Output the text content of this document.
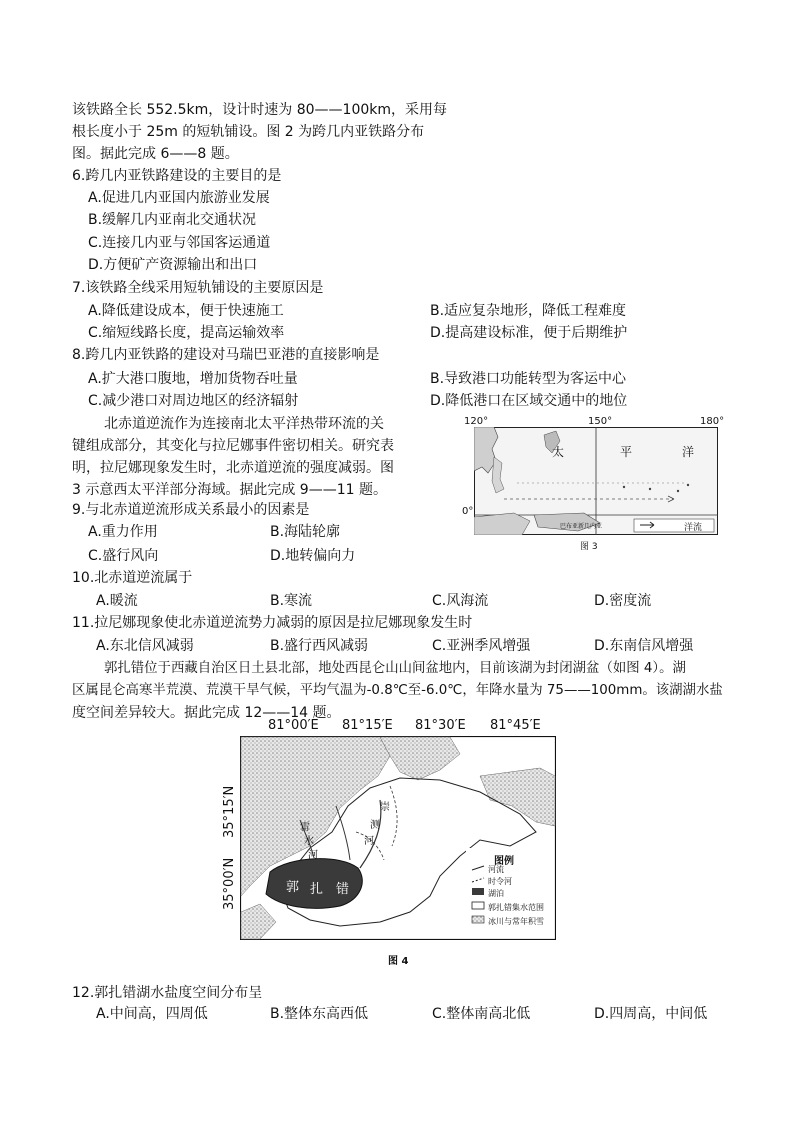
该铁路全长 552.5km，设计时速为 80——100km，采用每
根长度小于 25m 的短轨铺设。图 2 为跨几内亚铁路分布
图。据此完成 6——8 题。
6.跨几内亚铁路建设的主要目的是
A.促进几内亚国内旅游业发展
B.缓解几内亚南北交通状况
C.连接几内亚与邻国客运通道
D.方便矿产资源输出和出口
7.该铁路全线采用短轨铺设的主要原因是
A.降低建设成本，便于快速施工	B.适应复杂地形，降低工程难度
C.缩短线路长度，提高运输效率	D.提高建设标准，便于后期维护
8.跨几内亚铁路的建设对马瑞巴亚港的直接影响是
A.扩大港口腹地，增加货物吞吐量	B.导致港口功能转型为客运中心
C.减少港口对周边地区的经济辐射	D.降低港口在区域交通中的地位
北赤道逆流作为连接南北太平洋热带环流的关
键组成部分，其变化与拉尼娜事件密切相关。研究表
明，拉尼娜现象发生时，北赤道逆流的强度减弱。图
3 示意西太平洋部分海域。据此完成 9——11 题。
120°	150°	180°
0°
太	平	洋
巴布亚新几内亚	洋流
图 3
9.与北赤道逆流形成关系最小的因素是
A.重力作用	B.海陆轮廓
C.盛行风向	D.地转偏向力
10.北赤道逆流属于
A.暖流	B.寒流	C.风海流	D.密度流
11.拉尼娜现象使北赤道逆流势力减弱的原因是拉尼娜现象发生时
A.东北信风减弱	B.盛行西风减弱	C.亚洲季风增强	D.东南信风增强
郭扎错位于西藏自治区日土县北部，地处西昆仑山山间盆地内，目前该湖为封闭湖盆（如图 4）。湖
区属昆仑高寒半荒漠、荒漠干旱气候，平均气温为-0.8℃至-6.0℃，年降水量为 75——100mm。该湖湖水盐
度空间差异较大。据此完成 12——14 题。
81°00′E 81°15′E 81°30′E 81°45′E
35°15′N
35°00′N
雷
水
河
崇
测
河
郭 扎 错
图例
河流
时令河
湖泊
郭扎错集水范围
冰川与常年积雪
图 4
12.郭扎错湖水盐度空间分布呈
A.中间高，四周低	B.整体东高西低	C.整体南高北低	D.四周高，中间低
